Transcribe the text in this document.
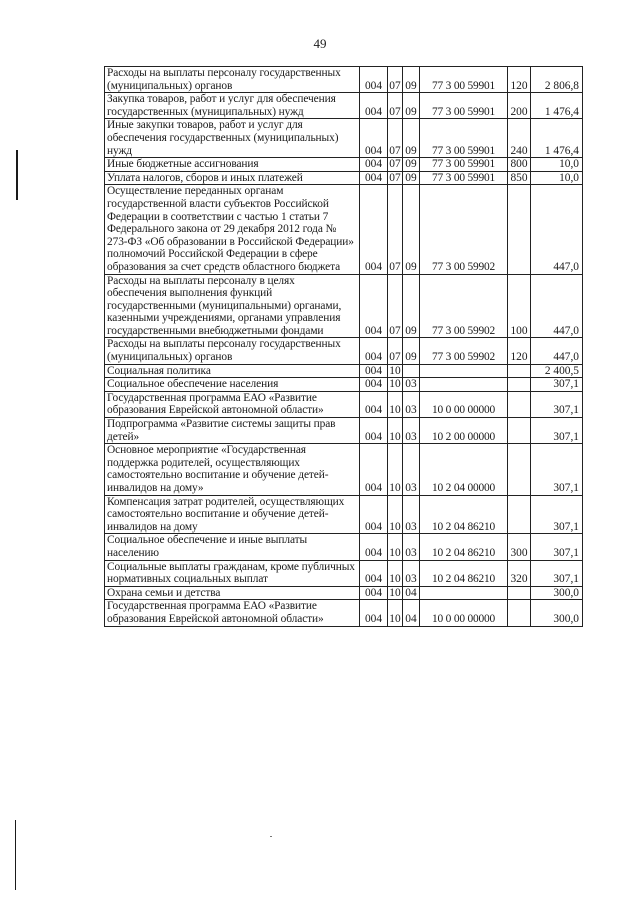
49
Расходы на выплаты персоналу государственных (муниципальных) органов	004	07	09	77 3 00 59901	120	2 806,8
Закупка товаров, работ и услуг для обеспечения государственных (муниципальных) нужд	004	07	09	77 3 00 59901	200	1 476,4
Иные закупки товаров, работ и услуг для обеспечения государственных (муниципальных) нужд	004	07	09	77 3 00 59901	240	1 476,4
Иные бюджетные ассигнования	004	07	09	77 3 00 59901	800	10,0
Уплата налогов, сборов и иных платежей	004	07	09	77 3 00 59901	850	10,0
Осуществление переданных органам государственной власти субъектов Российской Федерации в соответствии с частью 1 статьи 7 Федерального закона от 29 декабря 2012 года № 273-ФЗ «Об образовании в Российской Федерации» полномочий Российской Федерации в сфере образования за счет средств областного бюджета	004	07	09	77 3 00 59902		447,0
Расходы на выплаты персоналу в целях обеспечения выполнения функций государственными (муниципальными) органами, казенными учреждениями, органами управления государственными внебюджетными фондами	004	07	09	77 3 00 59902	100	447,0
Расходы на выплаты персоналу государственных (муниципальных) органов	004	07	09	77 3 00 59902	120	447,0
Социальная политика	004	10				2 400,5
Социальное обеспечение населения	004	10	03			307,1
Государственная программа ЕАО «Развитие образования Еврейской автономной области»	004	10	03	10 0 00 00000		307,1
Подпрограмма «Развитие системы защиты прав детей»	004	10	03	10 2 00 00000		307,1
Основное мероприятие «Государственная поддержка родителей, осуществляющих самостоятельно воспитание и обучение детей-инвалидов на дому»	004	10	03	10 2 04 00000		307,1
Компенсация затрат родителей, осуществляющих самостоятельно воспитание и обучение детей-инвалидов на дому	004	10	03	10 2 04 86210		307,1
Социальное обеспечение и иные выплаты населению	004	10	03	10 2 04 86210	300	307,1
Социальные выплаты гражданам, кроме публичных нормативных социальных выплат	004	10	03	10 2 04 86210	320	307,1
Охрана семьи и детства	004	10	04			300,0
Государственная программа ЕАО «Развитие образования Еврейской автономной области»	004	10	04	10 0 00 00000		300,0
